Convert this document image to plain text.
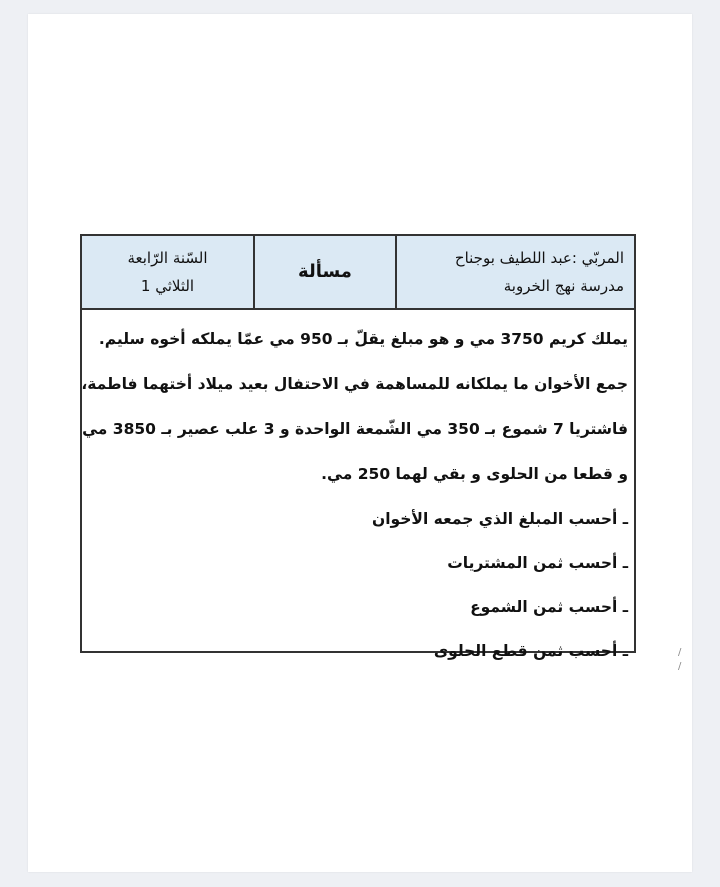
المربّي :عبد اللطيف بوجناح
مدرسة نهج الخروبة
مسألة
السّنة الرّابعة
الثلاثي 1
يملك كريم 3750 مي و هو مبلغ يقلّ بـ 950 مي عمّا يملكه أخوه سليم.
جمع الأخوان ما يملكانه للمساهمة في الاحتفال بعيد ميلاد أختهما فاطمة،
فاشتريا 7 شموع بـ 350 مي الشّمعة الواحدة و 3 علب عصير بـ 3850 مي
و قطعا من الحلوى و بقي لهما 250 مي.
ـ أحسب المبلغ الذي جمعه الأخوان
ـ أحسب ثمن المشتريات
ـ أحسب ثمن الشموع
ـ أحسب ثمن قطع الحلوى	/
/
